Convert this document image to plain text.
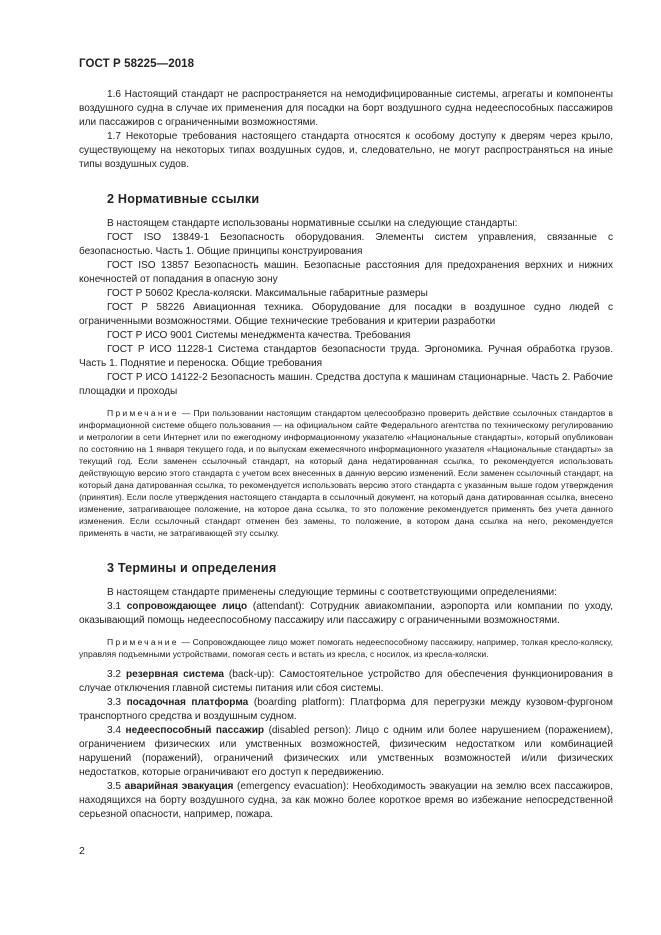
ГОСТ Р 58225—2018

1.6 Настоящий стандарт не распространяется на немодифицированные системы, агрегаты и компоненты воздушного судна в случае их применения для посадки на борт воздушного судна недееспособных пассажиров или пассажиров с ограниченными возможностями.

1.7 Некоторые требования настоящего стандарта относятся к особому доступу к дверям через крыло, существующему на некоторых типах воздушных судов, и, следовательно, не могут распространяться на иные типы воздушных судов.

2 Нормативные ссылки

В настоящем стандарте использованы нормативные ссылки на следующие стандарты:

ГОСТ ISO 13849-1 Безопасность оборудования. Элементы систем управления, связанные с безопасностью. Часть 1. Общие принципы конструирования

ГОСТ ISO 13857 Безопасность машин. Безопасные расстояния для предохранения верхних и нижних конечностей от попадания в опасную зону

ГОСТ Р 50602 Кресла-коляски. Максимальные габаритные размеры

ГОСТ Р 58226 Авиационная техника. Оборудование для посадки в воздушное судно людей с ограниченными возможностями. Общие технические требования и критерии разработки

ГОСТ Р ИСО 9001 Системы менеджмента качества. Требования

ГОСТ Р ИСО 11228-1 Система стандартов безопасности труда. Эргономика. Ручная обработка грузов. Часть 1. Поднятие и переноска. Общие требования

ГОСТ Р ИСО 14122-2 Безопасность машин. Средства доступа к машинам стационарные. Часть 2. Рабочие площадки и проходы

Примечание — При пользовании настоящим стандартом целесообразно проверить действие ссылочных стандартов в информационной системе общего пользования — на официальном сайте Федерального агентства по техническому регулированию и метрологии в сети Интернет или по ежегодному информационному указателю «Национальные стандарты», который опубликован по состоянию на 1 января текущего года, и по выпускам ежемесячного информационного указателя «Национальные стандарты» за текущий год. Если заменен ссылочный стандарт, на который дана недатированная ссылка, то рекомендуется использовать действующую версию этого стандарта с учетом всех внесенных в данную версию изменений. Если заменен ссылочный стандарт, на который дана датированная ссылка, то рекомендуется использовать версию этого стандарта с указанным выше годом утверждения (принятия). Если после утверждения настоящего стандарта в ссылочный документ, на который дана датированная ссылка, внесено изменение, затрагивающее положение, на которое дана ссылка, то это положение рекомендуется применять без учета данного изменения. Если ссылочный стандарт отменен без замены, то положение, в котором дана ссылка на него, рекомендуется применять в части, не затрагивающей эту ссылку.

3 Термины и определения

В настоящем стандарте применены следующие термины с соответствующими определениями:

3.1 сопровождающее лицо (attendant): Сотрудник авиакомпании, аэропорта или компании по уходу, оказывающий помощь недееспособному пассажиру или пассажиру с ограниченными возможностями.

Примечание — Сопровождающее лицо может помогать недееспособному пассажиру, например, толкая кресло-коляску, управляя подъемными устройствами, помогая сесть и встать из кресла, с носилок, из кресла-коляски.

3.2 резервная система (back-up): Самостоятельное устройство для обеспечения функционирования в случае отключения главной системы питания или сбоя системы.

3.3 посадочная платформа (boarding platform): Платформа для перегрузки между кузовом-фургоном транспортного средства и воздушным судном.

3.4 недееспособный пассажир (disabled person): Лицо с одним или более нарушением (поражением), ограничением физических или умственных возможностей, физическим недостатком или комбинацией нарушений (поражений), ограничений физических или умственных возможностей и/или физических недостатков, которые ограничивают его доступ к передвижению.

3.5 аварийная эвакуация (emergency evacuation): Необходимость эвакуации на землю всех пассажиров, находящихся на борту воздушного судна, за как можно более короткое время во избежание непосредственной серьезной опасности, например, пожара.

2
